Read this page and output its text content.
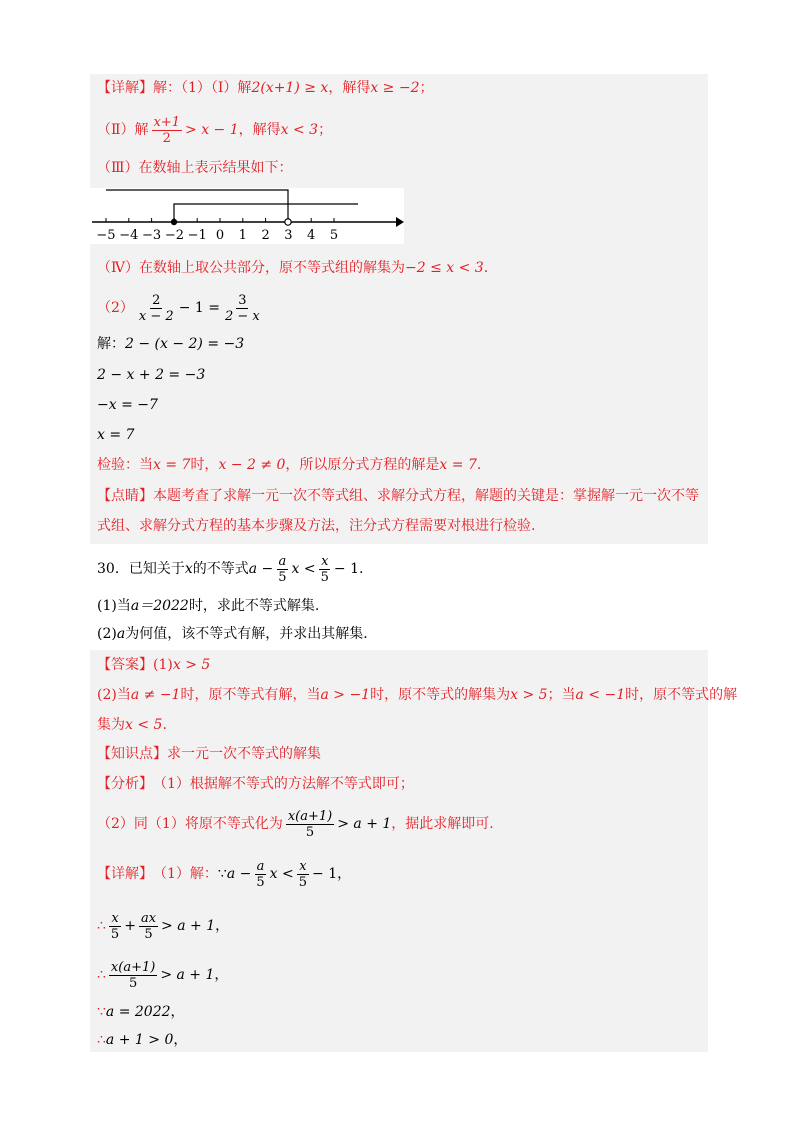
【详解】 解：（1）（Ⅰ）解 2(x+1) ≥ x ，解得 x ≥ −2 ；
（Ⅱ）解 $\frac{x+1}{2} > x - 1$ ，解得 x < 3 ；
（Ⅲ）在数轴上表示结果如下：
−5 −4 −3 −2 −1 0 1 2 3 4 5
（Ⅳ）在数轴上取公共部分，原不等式组的解集为 −2 ≤ x < 3 .
$(2) \frac{2}{x - 2} - 1 = \frac{3}{2 - x}$
解： 2 − (x − 2) = −3
2 − x + 2 = −3
−x = −7
x = 7
检验：当 x = 7 时， x − 2 ≠ 0 ，所以原分式方程的解是 x = 7 .
【点睛】 本题考查了求解一元一次不等式组、求解分式方程，解题的关键是：掌握解一元一次不等
式组、求解分式方程的基本步骤及方法，注分式方程需要对根进行检验.
30．已知关于 x 的不等式 $a - \frac{a}{5}$ $x < \frac{x}{5} - 1$ .
(1)当 a＝2022 时，求此不等式解集.
(2) a 为何值，该不等式有解，并求出其解集.
【答案】 (1) x > 5
(2)当 a ≠ −1 时，原不等式有解，当 a > −1 时，原不等式的解集为 x > 5 ；当 a < −1 时，原不等式的解
集为 x < 5 .
【知识点】 求一元一次不等式的解集
【分析】 （1）根据解不等式的方法解不等式即可；
（2）同（1）将原不等式化为 $\frac{x(a+1)}{5} > a + 1$ ，据此求解即可.
【详解】 （1）解： ∵ $a - \frac{a}{5}$ $x < \frac{x}{5} - 1$ ，
∴ $\frac{x}{5} + \frac{ax}{5} > a + 1$ ，
∴ $\frac{x(a+1)}{5} > a + 1$ ，
∵ a = 2022 ，
∴ a + 1 > 0 ，
